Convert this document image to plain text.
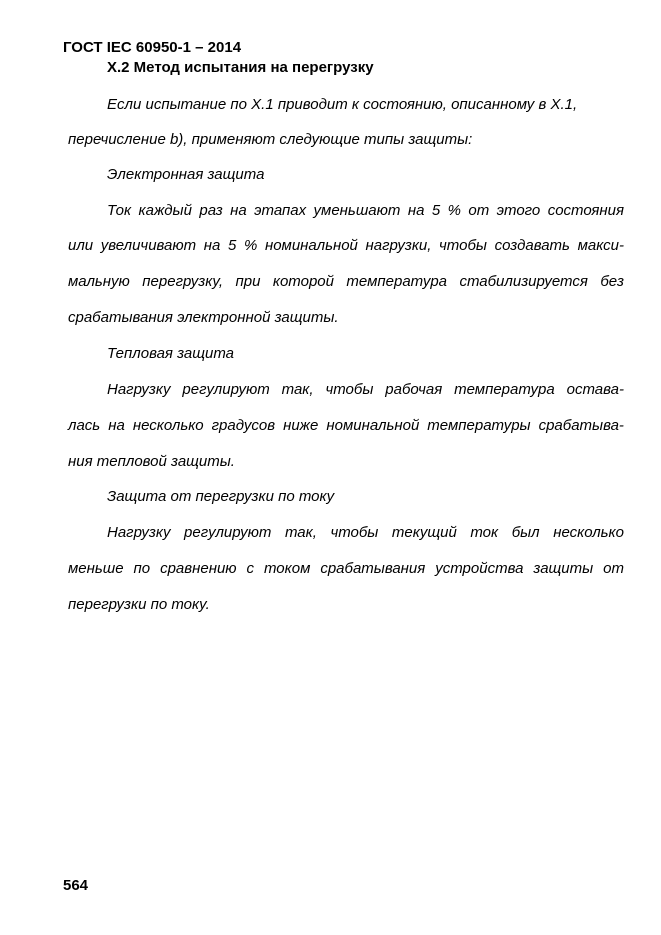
ГОСТ IEC 60950-1 – 2014
X.2 Метод испытания на перегрузку
Если испытание по X.1 приводит к состоянию, описанному в X.1,
перечисление b), применяют следующие типы защиты:
Электронная защита
Ток каждый раз на этапах уменьшают на 5 % от этого состояния
или увеличивают на 5 % номинальной нагрузки, чтобы создавать макси-
мальную перегрузку, при которой температура стабилизируется без
срабатывания электронной защиты.
Тепловая защита
Нагрузку регулируют так, чтобы рабочая температура остава-
лась на несколько градусов ниже номинальной температуры срабатыва-
ния тепловой защиты.
Защита от перегрузки по току
Нагрузку регулируют так, чтобы текущий ток был несколько
меньше по сравнению с током срабатывания устройства защиты от
перегрузки по току.
564
